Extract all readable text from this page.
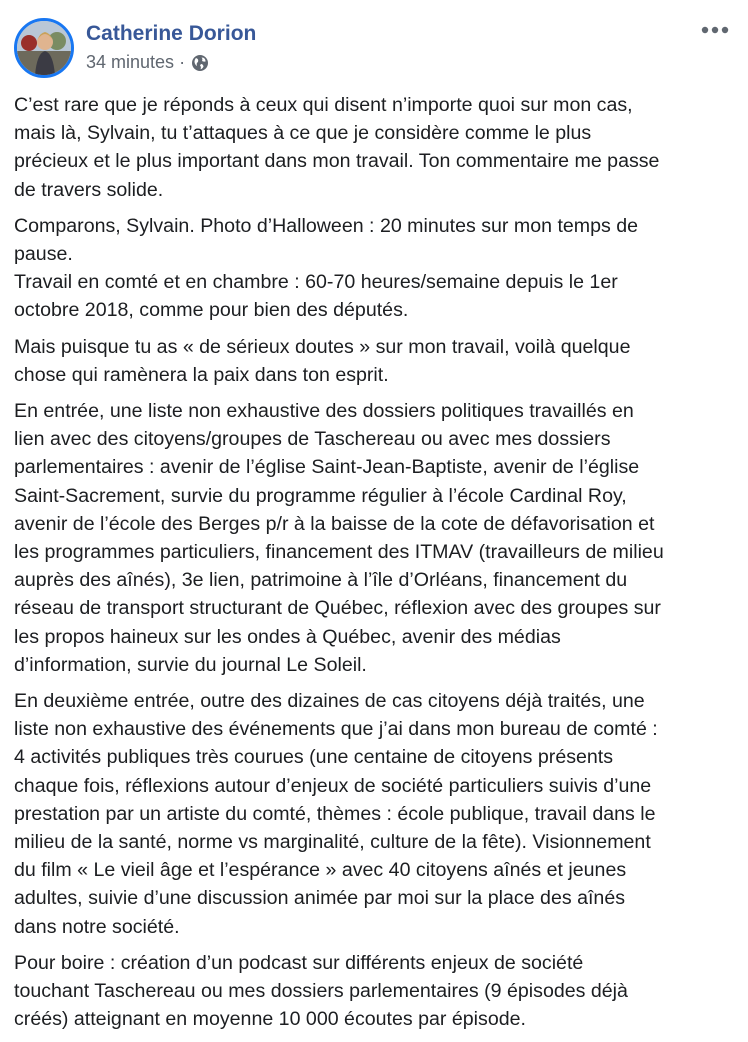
Catherine Dorion
34 minutes ·

C’est rare que je réponds à ceux qui disent n’importe quoi sur mon cas,
mais là, Sylvain, tu t’attaques à ce que je considère comme le plus
précieux et le plus important dans mon travail. Ton commentaire me passe
de travers solide.

Comparons, Sylvain. Photo d’Halloween : 20 minutes sur mon temps de
pause.
Travail en comté et en chambre : 60-70 heures/semaine depuis le 1er
octobre 2018, comme pour bien des députés.

Mais puisque tu as « de sérieux doutes » sur mon travail, voilà quelque
chose qui ramènera la paix dans ton esprit.

En entrée, une liste non exhaustive des dossiers politiques travaillés en
lien avec des citoyens/groupes de Taschereau ou avec mes dossiers
parlementaires : avenir de l’église Saint-Jean-Baptiste, avenir de l’église
Saint-Sacrement, survie du programme régulier à l’école Cardinal Roy,
avenir de l’école des Berges p/r à la baisse de la cote de défavorisation et
les programmes particuliers, financement des ITMAV (travailleurs de milieu
auprès des aînés), 3e lien, patrimoine à l’île d’Orléans, financement du
réseau de transport structurant de Québec, réflexion avec des groupes sur
les propos haineux sur les ondes à Québec, avenir des médias
d’information, survie du journal Le Soleil.

En deuxième entrée, outre des dizaines de cas citoyens déjà traités, une
liste non exhaustive des événements que j’ai dans mon bureau de comté :
4 activités publiques très courues (une centaine de citoyens présents
chaque fois, réflexions autour d’enjeux de société particuliers suivis d’une
prestation par un artiste du comté, thèmes : école publique, travail dans le
milieu de la santé, norme vs marginalité, culture de la fête). Visionnement
du film « Le vieil âge et l’espérance » avec 40 citoyens aînés et jeunes
adultes, suivie d’une discussion animée par moi sur la place des aînés
dans notre société.

Pour boire : création d’un podcast sur différents enjeux de société
touchant Taschereau ou mes dossiers parlementaires (9 épisodes déjà
créés) atteignant en moyenne 10 000 écoutes par épisode.
